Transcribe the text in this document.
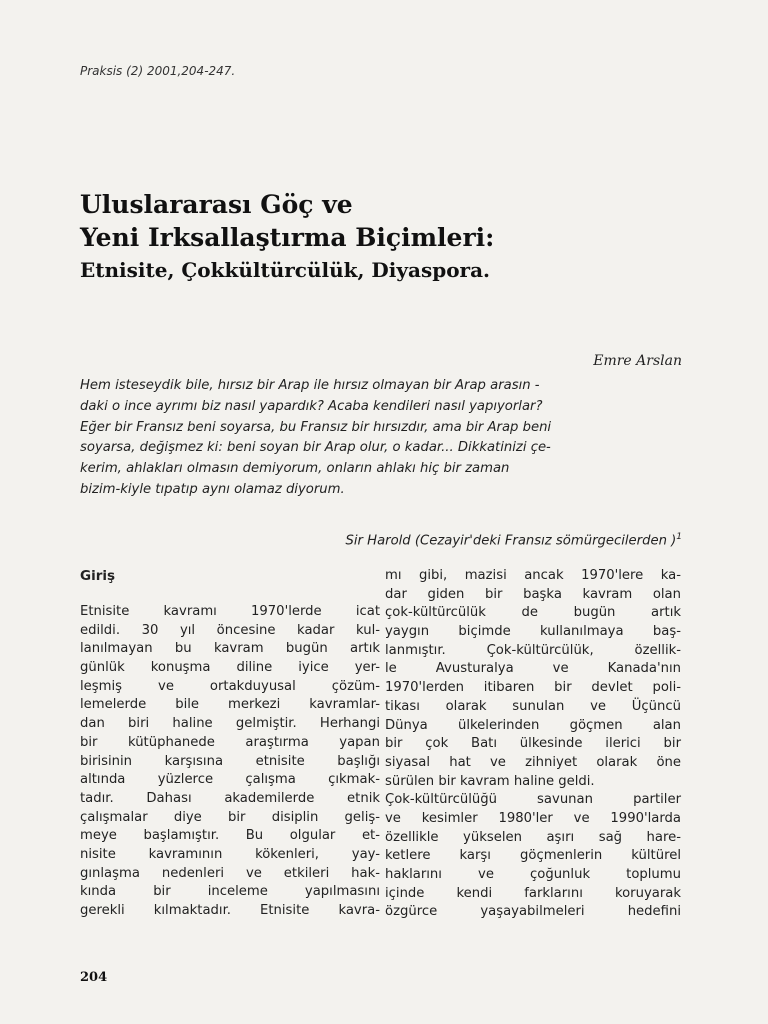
Praksis (2) 2001,204-247.
Uluslararası Göç ve
Yeni Irksallaştırma Biçimleri:
Etnisite, Çokkültürcülük, Diyaspora.
Emre Arslan
Hem isteseydik bile, hırsız bir Arap ile hırsız olmayan bir Arap arasın -
daki o ince ayrımı biz nasıl yapardık? Acaba kendileri nasıl yapıyorlar?
Eğer bir Fransız beni soyarsa, bu Fransız bir hırsızdır, ama bir Arap beni
soyarsa, değişmez ki: beni soyan bir Arap olur, o kadar... Dikkatinizi çe-
kerim, ahlakları olmasın demiyorum, onların ahlakı hiç bir zaman
bizim-kiyle tıpatıp aynı olamaz diyorum.
Sir Harold (Cezayir'deki Fransız sömürgecilerden )$^1$
Giriş
Etnisite kavramı 1970'lerde icat
edildi. 30 yıl öncesine kadar kul-
lanılmayan bu kavram bugün artık
günlük konuşma diline iyice yer-
leşmiş ve ortakduyusal çözüm-
lemelerde bile merkezi kavramlar-
dan biri haline gelmiştir. Herhangi
bir kütüphanede araştırma yapan
birisinin karşısına etnisite başlığı
altında yüzlerce çalışma çıkmak-
tadır. Dahası akademilerde etnik
çalışmalar diye bir disiplin geliş-
meye başlamıştır. Bu olgular et-
nisite kavramının kökenleri, yay-
gınlaşma nedenleri ve etkileri hak-
kında bir inceleme yapılmasını
gerekli kılmaktadır. Etnisite kavra-
mı gibi, mazisi ancak 1970'lere ka-
dar giden bir başka kavram olan
çok-kültürcülük de bugün artık
yaygın biçimde kullanılmaya baş-
lanmıştır. Çok-kültürcülük, özellik-
le Avusturalya ve Kanada'nın
1970'lerden itibaren bir devlet poli-
tikası olarak sunulan ve Üçüncü
Dünya ülkelerinden göçmen alan
bir çok Batı ülkesinde ilerici bir
siyasal hat ve zihniyet olarak öne
sürülen bir kavram haline geldi.
Çok-kültürcülüğü savunan partiler
ve kesimler 1980'ler ve 1990'larda
özellikle yükselen aşırı sağ hare-
ketlere karşı göçmenlerin kültürel
haklarını ve çoğunluk toplumu
içinde kendi farklarını koruyarak
özgürce yaşayabilmeleri hedefini
204
